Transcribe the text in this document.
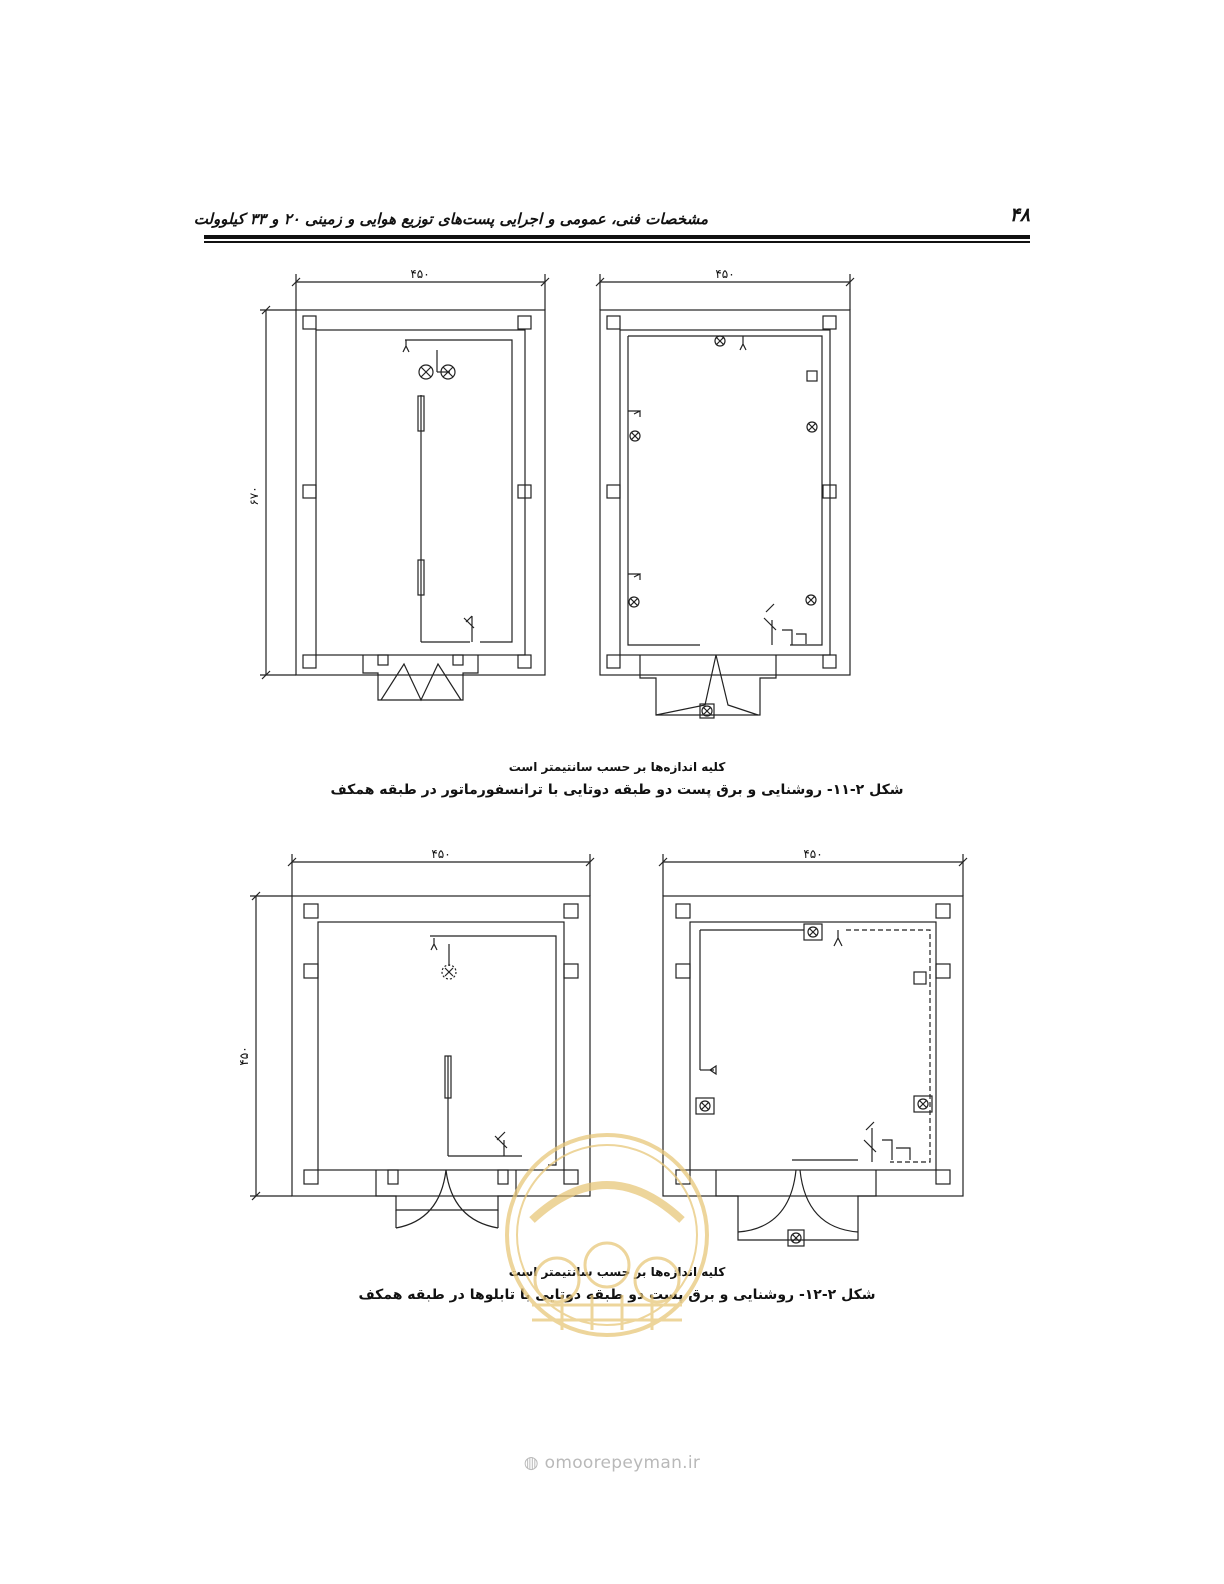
۴۸
مشخصات فنی، عمومی و اجرایی پست‌های توزیع هوایی و زمینی ۲۰ و ۳۳ کیلوولت
۴۵۰
۶۷۰
۴۵۰
۴۵۰
۴۵۰
۴۵۰
کلیه اندازه‌ها بر حسب سانتیمتر است
شکل ۲-۱۱- روشنایی و برق پست دو طبقه دوتایی با ترانسفورماتور در طبقه همکف
کلیه اندازه‌ها بر حسب سانتیمتر است
شکل ۲-۱۲- روشنایی و برق پست دو طبقه دوتایی با تابلوها در طبقه همکف
◍ omoorepeyman.ir
